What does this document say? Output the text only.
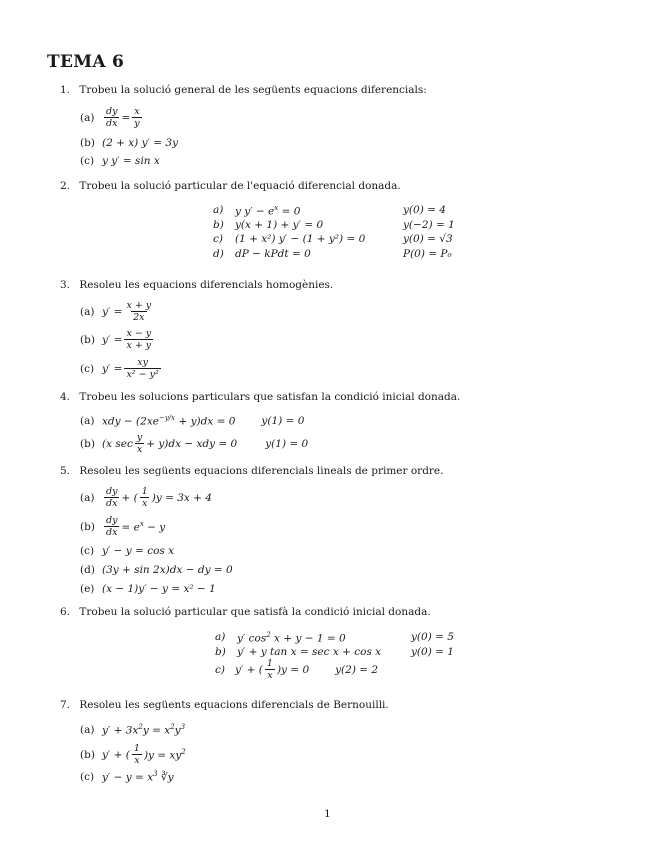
TEMA 6
1. Trobeu la solució general de les següents equacions diferencials:
(a)	$\frac{dy}{dx} = \frac{x}{y}$
(b) (2 + x) y′ = 3y
(c) y y′ = sin x
2. Trobeu la solució particular de l'equació diferencial donada.
a) y $y' - e^x = 0$	y(0) = 4
b) y(x + 1) + y′ = 0	y(−2) = 1
c) (1 + x²) y′ − (1 + y²) = 0	y(0) = √3
d) dP − kPdt = 0	P(0) = P₀
3. Resoleu les equacions diferencials homogènies.
(a) $y' = \frac{x + y}{2x}$
(b) $y' = \frac{x - y}{x + y}$
(c) $y' = \frac{xy}{\text{x² − y²}}$
4. Trobeu les solucions particulars que satisfan la condició inicial donada.
(a) xdy − $(2xe^{-y/x} + y)dx = 0$ y(1) = 0
(b) (x $\sec \frac{y}{x} + y)dx$ − xdy = 0	y(1) = 0
5. Resoleu les següents equacions diferencials lineals de primer ordre.
(a)	$\frac{dy}{dx}$ + ( $\frac{1}{x} )y = 3x + 4$
$(b) \frac{dy}{dx} = e^x - y$
(c) y′ − y = cos x
(d) (3y + sin 2x)dx − dy = 0
(e) (x − 1)y′ − y = x² − 1
6. Trobeu la solució particular que satisfà la condició inicial donada.
a) y′ $\cos^2 x + y - 1 = 0$	y(0) = 5
b) y′ + y tan x = sec x + cos x	y(0) = 1
c) y′ + ( $\frac{1}{x} )y = 0$ y(2) = 2
7. Resoleu les següents equacions diferencials de Bernouilli.
(a) $y' + 3x^2y = x^2y^3$
(b) y′ + ( $\frac{1}{x} )y = xy^2$
(c) $y' - y = x^3$ ∛y
1
